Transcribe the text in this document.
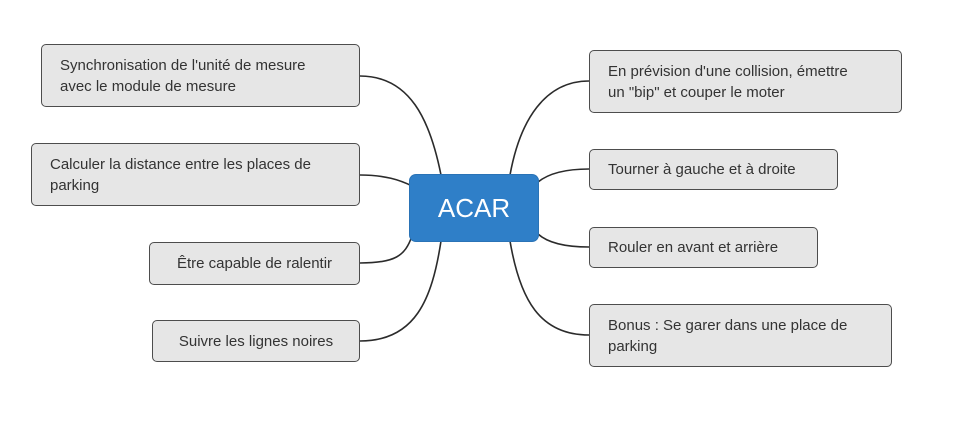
ACAR
Synchronisation de l'unité de mesure
avec le module de mesure
Calculer la distance entre les places de
parking
Être capable de ralentir
Suivre les lignes noires
En prévision d'une collision, émettre
un "bip" et couper le moter
Tourner à gauche et à droite
Rouler en avant et arrière
Bonus : Se garer dans une place de
parking
